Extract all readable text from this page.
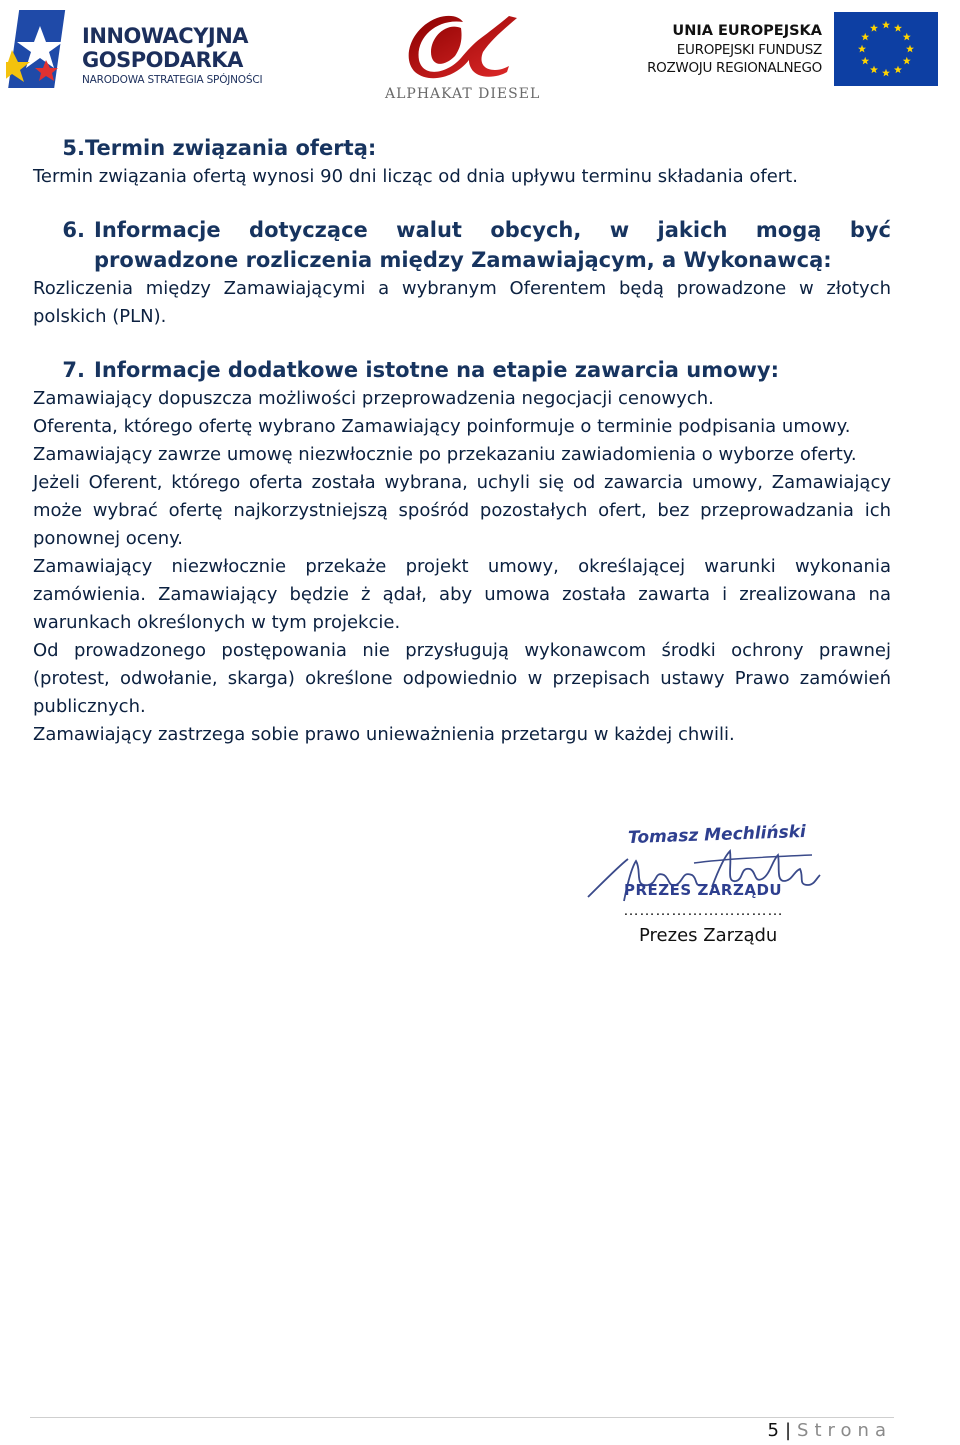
INNOWACYJNA
GOSPODARKA
NARODOWA STRATEGIA SPÓJNOŚCI
ALPHAKAT DIESEL
UNIA EUROPEJSKA
EUROPEJSKI FUNDUSZ
ROZWOJU REGIONALNEGO
5. Termin związania ofertą:

Termin związania ofertą wynosi 90 dni licząc od dnia upływu terminu składania ofert.

6. Informacje dotyczące walut obcych, w jakich mogą być prowadzone rozliczenia między Zamawiającym, a Wykonawcą:

Rozliczenia między Zamawiającymi a wybranym Oferentem będą prowadzone w złotych polskich (PLN).

7. Informacje dodatkowe istotne na etapie zawarcia umowy:

Zamawiający dopuszcza możliwości przeprowadzenia negocjacji cenowych.

Oferenta, którego ofertę wybrano Zamawiający poinformuje o terminie podpisania umowy.

Zamawiający zawrze umowę niezwłocznie po przekazaniu zawiadomienia o wyborze oferty.

Jeżeli Oferent, którego oferta została wybrana, uchyli się od zawarcia umowy, Zamawiający może wybrać ofertę najkorzystniejszą spośród pozostałych ofert, bez przeprowadzania ich ponownej oceny.

Zamawiający niezwłocznie przekaże projekt umowy, określającej warunki wykonania zamówienia. Zamawiający będzie ż ądał, aby umowa została zawarta i zrealizowana na warunkach określonych w tym projekcie.

Od prowadzonego postępowania nie przysługują wykonawcom środki ochrony prawnej (protest, odwołanie, skarga) określone odpowiednio w przepisach ustawy Prawo zamówień publicznych.

Zamawiający zastrzega sobie prawo unieważnienia przetargu w każdej chwili.

Tomasz Mechliński
PREZES ZARZĄDU
…………………………
Prezes Zarządu
5 | Strona
